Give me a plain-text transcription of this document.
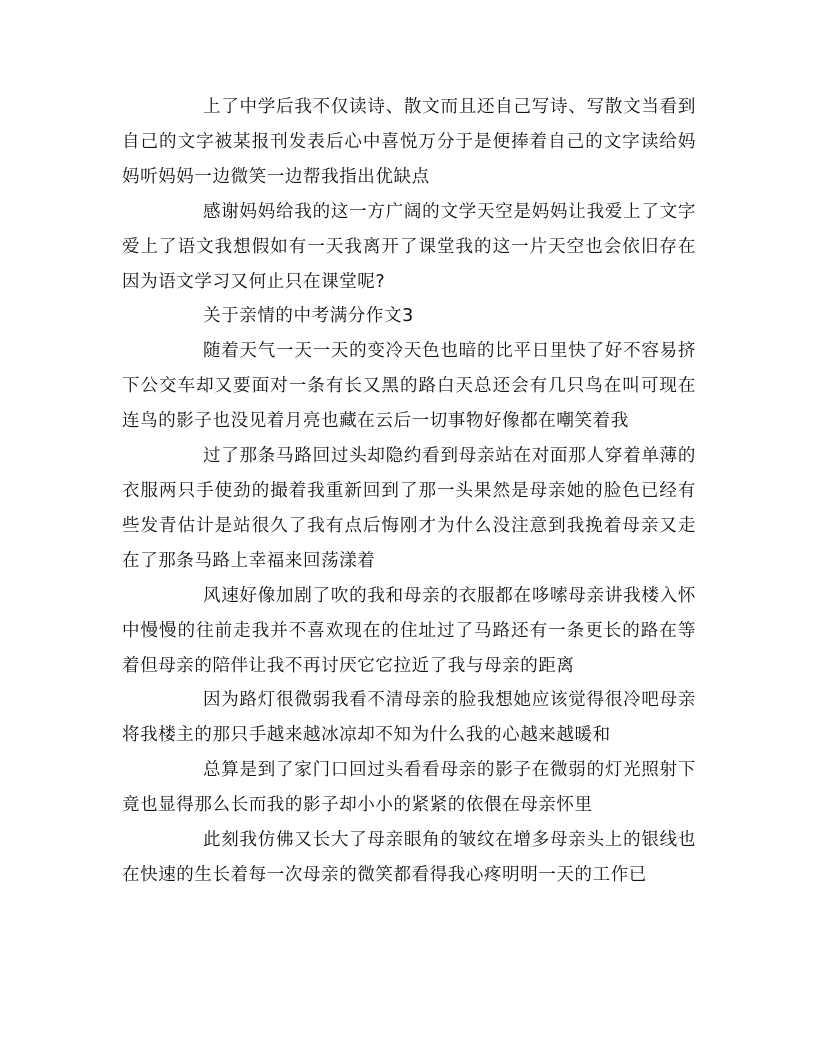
上了中学后我不仅读诗、散文而且还自己写诗、写散文当看到自己的文字被某报刊发表后心中喜悦万分于是便捧着自己的文字读给妈妈听妈妈一边微笑一边帮我指出优缺点

感谢妈妈给我的这一方广阔的文学天空是妈妈让我爱上了文字爱上了语文我想假如有一天我离开了课堂我的这一片天空也会依旧存在因为语文学习又何止只在课堂呢?

关于亲情的中考满分作文3

随着天气一天一天的变冷天色也暗的比平日里快了好不容易挤下公交车却又要面对一条有长又黑的路白天总还会有几只鸟在叫可现在连鸟的影子也没见着月亮也藏在云后一切事物好像都在嘲笑着我

过了那条马路回过头却隐约看到母亲站在对面那人穿着单薄的衣服两只手使劲的撮着我重新回到了那一头果然是母亲她的脸色已经有些发青估计是站很久了我有点后悔刚才为什么没注意到我挽着母亲又走在了那条马路上幸福来回荡漾着

风速好像加剧了吹的我和母亲的衣服都在哆嗦母亲讲我楼入怀中慢慢的往前走我并不喜欢现在的住址过了马路还有一条更长的路在等着但母亲的陪伴让我不再讨厌它它拉近了我与母亲的距离

因为路灯很微弱我看不清母亲的脸我想她应该觉得很冷吧母亲将我楼主的那只手越来越冰凉却不知为什么我的心越来越暖和

总算是到了家门口回过头看看母亲的影子在微弱的灯光照射下竟也显得那么长而我的影子却小小的紧紧的依偎在母亲怀里

此刻我仿佛又长大了母亲眼角的皱纹在增多母亲头上的银线也在快速的生长着每一次母亲的微笑都看得我心疼明明一天的工作已
